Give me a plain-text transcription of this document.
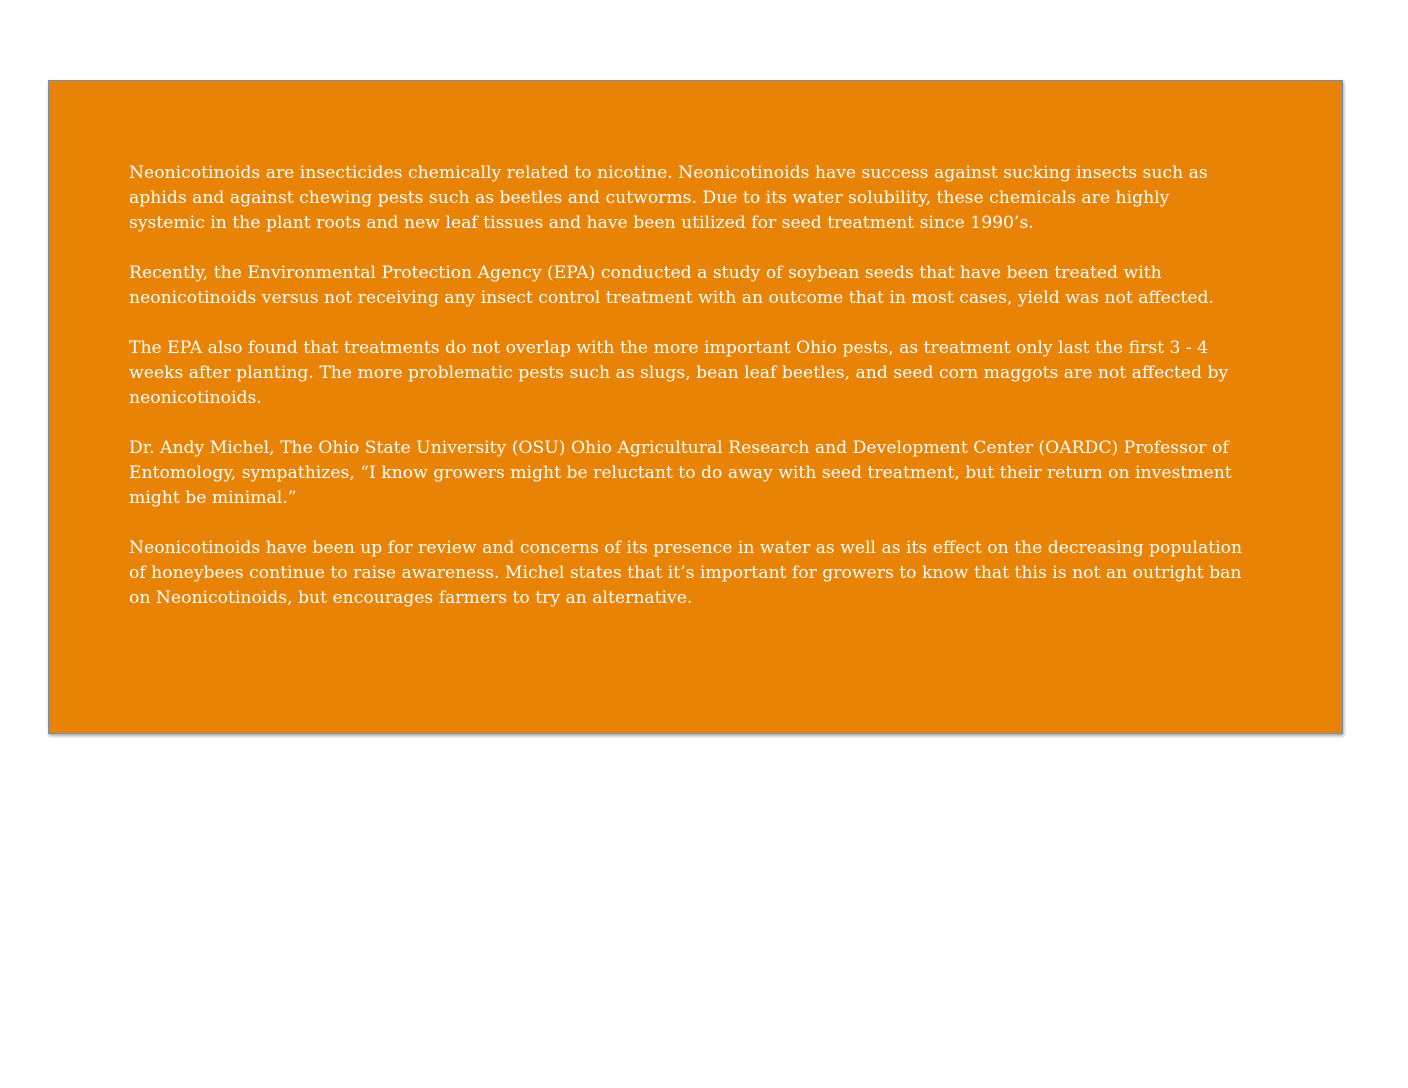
Neonicotinoids are insecticides chemically related to nicotine. Neonicotinoids have success against sucking insects such as
aphids and against chewing pests such as beetles and cutworms. Due to its water solubility, these chemicals are highly
systemic in the plant roots and new leaf tissues and have been utilized for seed treatment since 1990’s.

Recently, the Environmental Protection Agency (EPA) conducted a study of soybean seeds that have been treated with
neonicotinoids versus not receiving any insect control treatment with an outcome that in most cases, yield was not affected.

The EPA also found that treatments do not overlap with the more important Ohio pests, as treatment only last the first 3 - 4
weeks after planting. The more problematic pests such as slugs, bean leaf beetles, and seed corn maggots are not affected by
neonicotinoids.

Dr. Andy Michel, The Ohio State University (OSU) Ohio Agricultural Research and Development Center (OARDC) Professor of
Entomology, sympathizes, “I know growers might be reluctant to do away with seed treatment, but their return on investment
might be minimal.”

Neonicotinoids have been up for review and concerns of its presence in water as well as its effect on the decreasing population
of honeybees continue to raise awareness. Michel states that it’s important for growers to know that this is not an outright ban
on Neonicotinoids, but encourages farmers to try an alternative.
